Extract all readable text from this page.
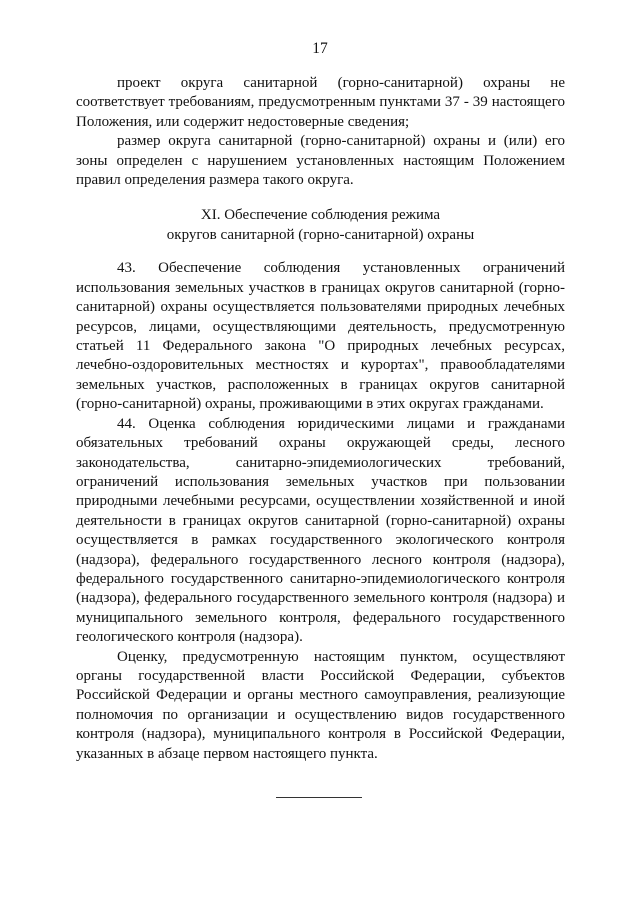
17

проект округа санитарной (горно-санитарной) охраны не соответствует требованиям, предусмотренным пунктами 37 - 39 настоящего Положения, или содержит недостоверные сведения;

размер округа санитарной (горно-санитарной) охраны и (или) его зоны определен с нарушением установленных настоящим Положением правил определения размера такого округа.

XI. Обеспечение соблюдения режима
округов санитарной (горно-санитарной) охраны

43. Обеспечение соблюдения установленных ограничений использования земельных участков в границах округов санитарной (горно-санитарной) охраны осуществляется пользователями природных лечебных ресурсов, лицами, осуществляющими деятельность, предусмотренную статьей 11 Федерального закона "О природных лечебных ресурсах, лечебно-оздоровительных местностях и курортах", правообладателями земельных участков, расположенных в границах округов санитарной (горно-санитарной) охраны, проживающими в этих округах гражданами.

44. Оценка соблюдения юридическими лицами и гражданами обязательных требований охраны окружающей среды, лесного законодательства, санитарно-эпидемиологических требований, ограничений использования земельных участков при пользовании природными лечебными ресурсами, осуществлении хозяйственной и иной деятельности в границах округов санитарной (горно-санитарной) охраны осуществляется в рамках государственного экологического контроля (надзора), федерального государственного лесного контроля (надзора), федерального государственного санитарно-эпидемиологического контроля (надзора), федерального государственного земельного контроля (надзора) и муниципального земельного контроля, федерального государственного геологического контроля (надзора).

Оценку, предусмотренную настоящим пунктом, осуществляют органы государственной власти Российской Федерации, субъектов Российской Федерации и органы местного самоуправления, реализующие полномочия по организации и осуществлению видов государственного контроля (надзора), муниципального контроля в Российской Федерации, указанных в абзаце первом настоящего пункта.
